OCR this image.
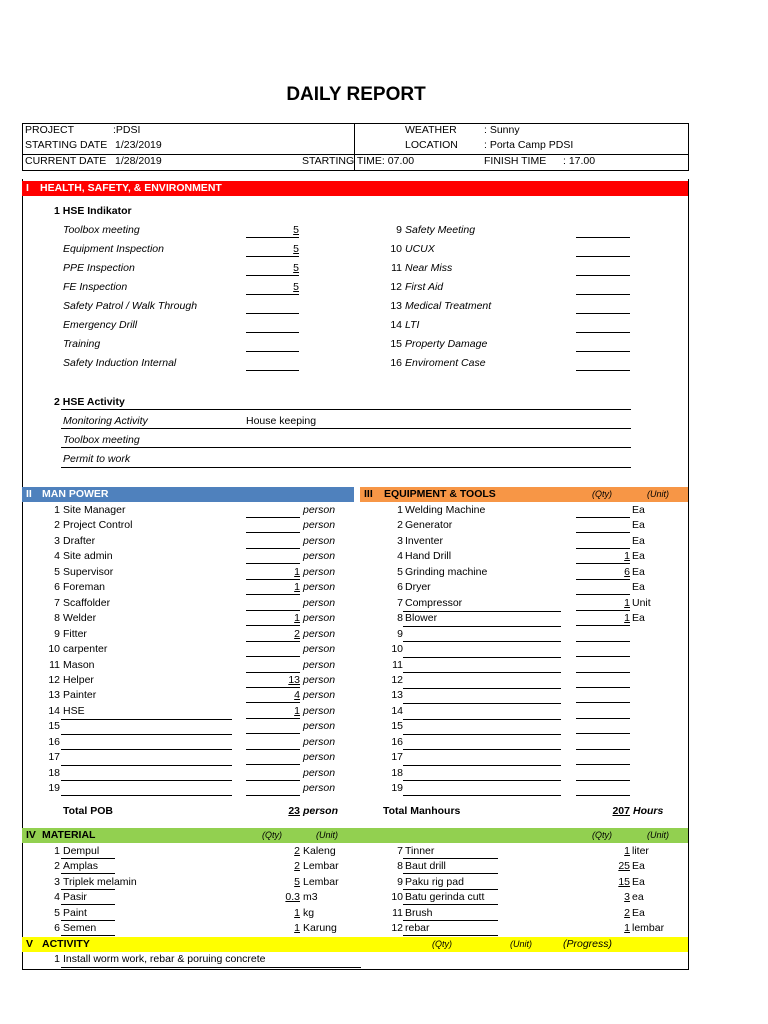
DAILY REPORT
PROJECT	:PDSI
STARTING DATE 1/23/2019
CURRENT DATE 1/28/2019	STARTING TIME: 07.00
WEATHER	: Sunny
LOCATION : Porta Camp PDSI
FINISH TIME : 17.00
I HEALTH, SAFETY, & ENVIRONMENT
1 HSE Indikator
Toolbox meeting	5
Equipment Inspection	5
PPE Inspection	5
FE Inspection	5
Safety Patrol / Walk Through
Emergency Drill
Training
Safety Induction Internal
9 Safety Meeting
10 UCUX
11 Near Miss
12 First Aid
13 Medical Treatment
14 LTI
15 Property Damage
16 Enviroment Case
2 HSE Activity
Monitoring Activity	House keeping
Toolbox meeting
Permit to work
II MAN POWER	III EQUIPMENT & TOOLS	(Qty)	(Unit)
1 Site Manager	person
2 Project Control	person
3 Drafter	person
4 Site admin	person
5 Supervisor	1 person
6 Foreman	1 person
7 Scaffolder	person
8 Welder	1 person
9 Fitter	2 person
10 carpenter	person
11 Mason	person
12 Helper	13 person
13 Painter	4 person
14 HSE	1 person
15	person
16	person
17	person
18	person
19	person
Total POB	23 person
1 Welding Machine	Ea
2 Generator	Ea
3 Inventer	Ea
4 Hand Drill	1 Ea
5 Grinding machine	6 Ea
6 Dryer	Ea
7 Compressor	1 Unit
8 Blower	1 Ea
9
10
11
12
13
14
15
16
17
18
19
Total Manhours	207 Hours
IV MATERIAL	(Qty)	(Unit)	(Qty)	(Unit)
1 Dempul	2 Kaleng
2 Amplas	2 Lembar
3 Triplek melamin	5 Lembar
4 Pasir	0.3 m3
5 Paint	1 kg
6 Semen	1 Karung
7 Tinner	1 liter
8 Baut drill	25 Ea
9 Paku rig pad	15 Ea
10 Batu gerinda cutt	3 ea
11 Brush	2 Ea
12 rebar	1 lembar
V ACTIVITY	(Qty)	(Unit)	(Progress)
1 Install worm work, rebar & poruing concrete
